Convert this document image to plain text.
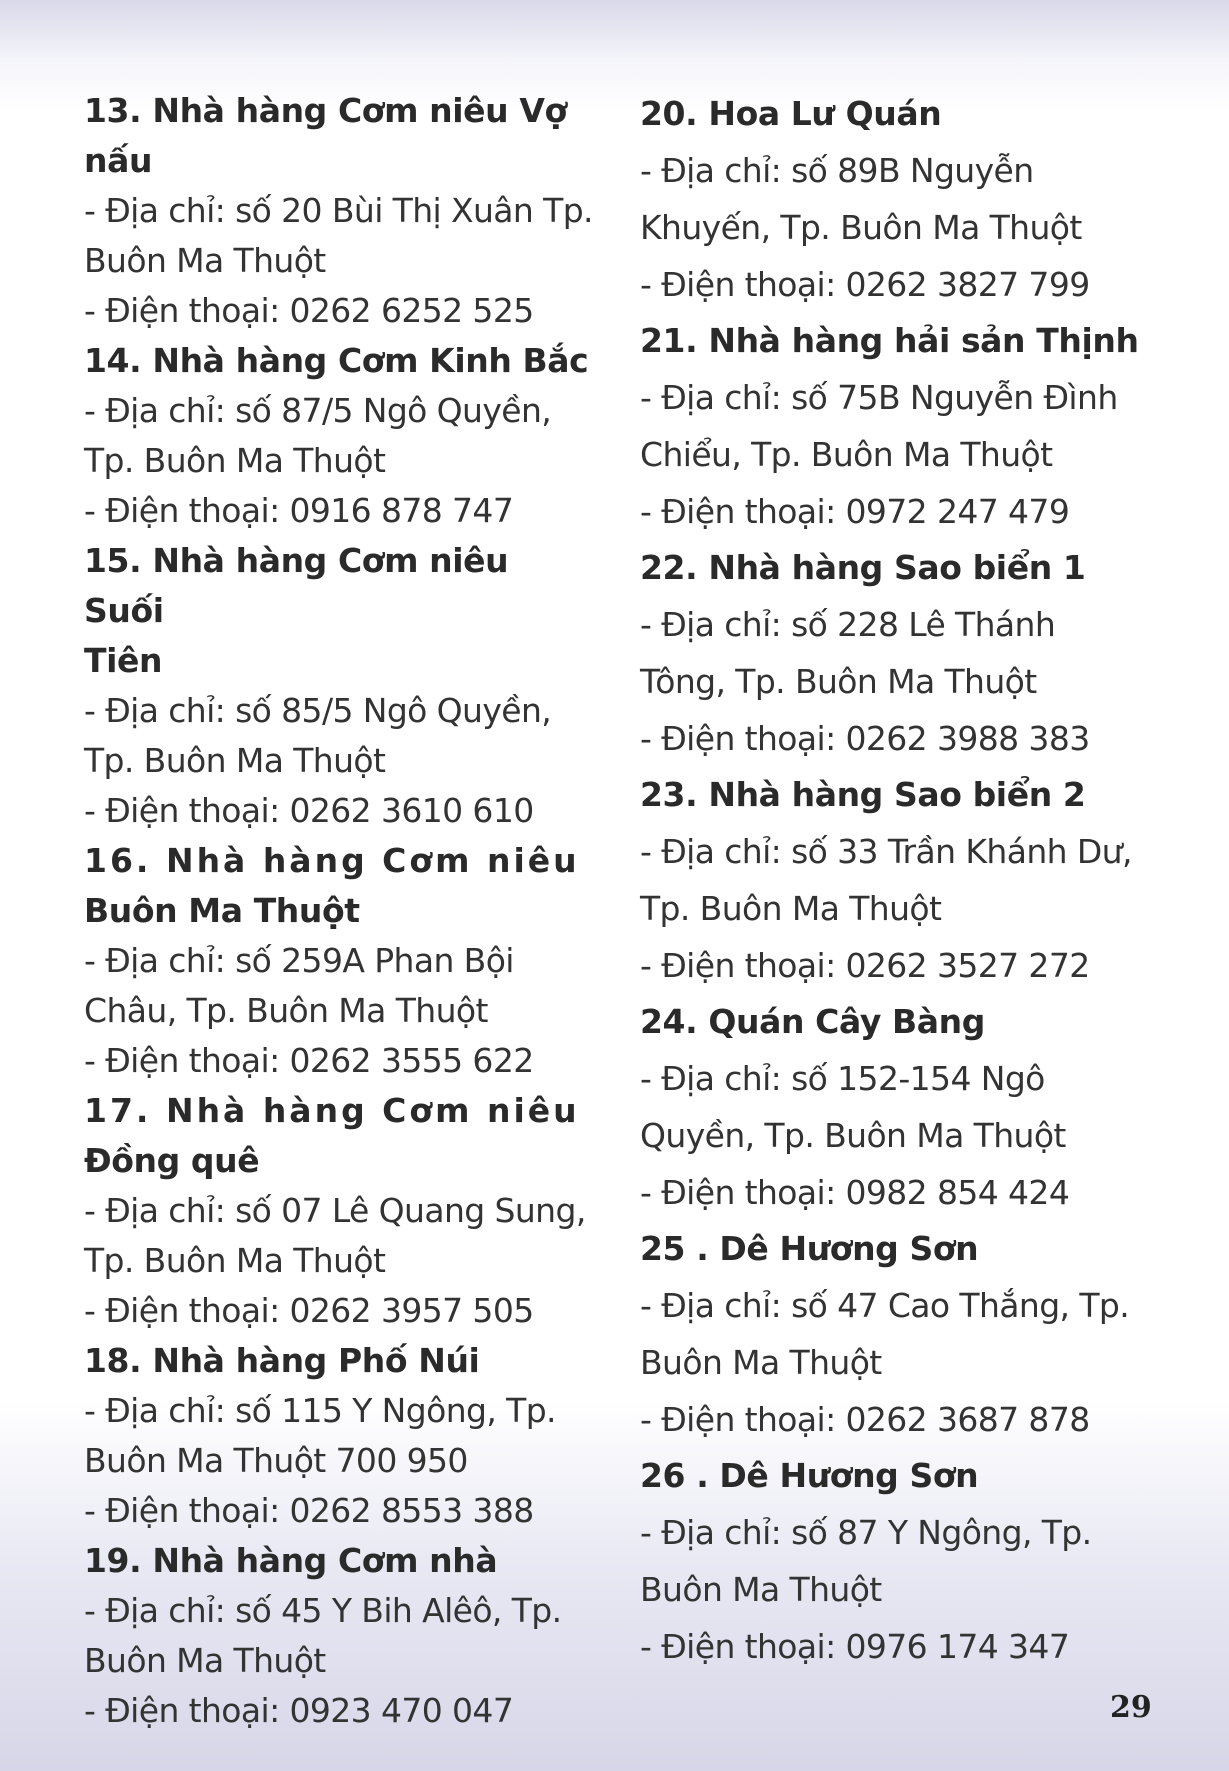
13. Nhà hàng Cơm niêu Vợ
nấu
- Địa chỉ: số 20 Bùi Thị Xuân Tp.
Buôn Ma Thuột
- Điện thoại: 0262 6252 525
14. Nhà hàng Cơm Kinh Bắc
- Địa chỉ: số 87/5 Ngô Quyền,
Tp. Buôn Ma Thuột
- Điện thoại: 0916 878 747
15. Nhà hàng Cơm niêu Suối
Tiên
- Địa chỉ: số 85/5 Ngô Quyền,
Tp. Buôn Ma Thuột
- Điện thoại: 0262 3610 610
16. Nhà hàng Cơm niêu
Buôn Ma Thuột
- Địa chỉ: số 259A Phan Bội
Châu, Tp. Buôn Ma Thuột
- Điện thoại: 0262 3555 622
17. Nhà hàng Cơm niêu
Đồng quê
- Địa chỉ: số 07 Lê Quang Sung,
Tp. Buôn Ma Thuột
- Điện thoại: 0262 3957 505
18. Nhà hàng Phố Núi
- Địa chỉ: số 115 Y Ngông, Tp.
Buôn Ma Thuột 700 950
- Điện thoại: 0262 8553 388
19. Nhà hàng Cơm nhà
- Địa chỉ: số 45 Y Bih Alêô, Tp.
Buôn Ma Thuột
- Điện thoại: 0923 470 047
20. Hoa Lư Quán
- Địa chỉ: số 89B Nguyễn
Khuyến, Tp. Buôn Ma Thuột
- Điện thoại: 0262 3827 799
21. Nhà hàng hải sản Thịnh
- Địa chỉ: số 75B Nguyễn Đình
Chiểu, Tp. Buôn Ma Thuột
- Điện thoại: 0972 247 479
22. Nhà hàng Sao biển 1
- Địa chỉ: số 228 Lê Thánh
Tông, Tp. Buôn Ma Thuột
- Điện thoại: 0262 3988 383
23. Nhà hàng Sao biển 2
- Địa chỉ: số 33 Trần Khánh Dư,
Tp. Buôn Ma Thuột
- Điện thoại: 0262 3527 272
24. Quán Cây Bàng
- Địa chỉ: số 152-154 Ngô
Quyền, Tp. Buôn Ma Thuột
- Điện thoại: 0982 854 424
25 . Dê Hương Sơn
- Địa chỉ: số 47 Cao Thắng, Tp.
Buôn Ma Thuột
- Điện thoại: 0262 3687 878
26 . Dê Hương Sơn
- Địa chỉ: số 87 Y Ngông, Tp.
Buôn Ma Thuột
- Điện thoại: 0976 174 347
29
